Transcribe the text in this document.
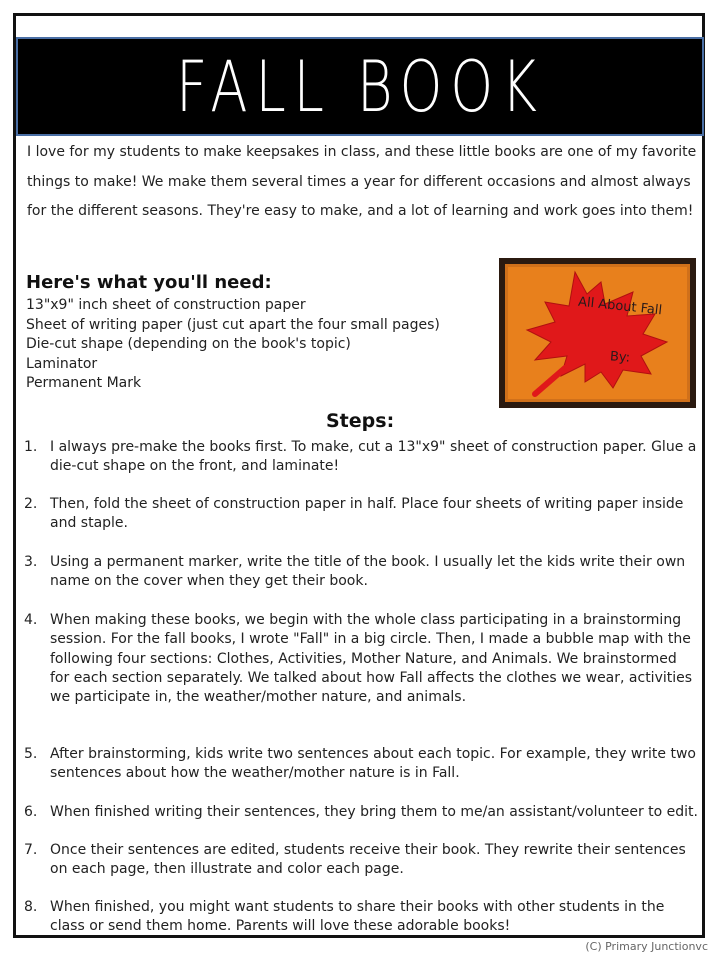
FALL BOOK
I love for my students to make keepsakes in class, and these little books are one of my favorite things to make! We make them several times a year for different occasions and almost always for the different seasons. They're easy to make, and a lot of learning and work goes into them!
Here's what you'll need:
13"x9" inch sheet of construction paper
Sheet of writing paper (just cut apart the four small pages)
Die-cut shape (depending on the book's topic)
Laminator
Permanent Mark
All About Fall
By:
Steps:
1. I always pre-make the books first. To make, cut a 13"x9" sheet of construction paper. Glue a die-cut shape on the front, and laminate!
2. Then, fold the sheet of construction paper in half. Place four sheets of writing paper inside and staple.
3. Using a permanent marker, write the title of the book. I usually let the kids write their own name on the cover when they get their book.
4. When making these books, we begin with the whole class participating in a brainstorming session. For the fall books, I wrote "Fall" in a big circle. Then, I made a bubble map with the following four sections: Clothes, Activities, Mother Nature, and Animals. We brainstormed for each section separately. We talked about how Fall affects the clothes we wear, activities we participate in, the weather/mother nature, and animals.
5. After brainstorming, kids write two sentences about each topic. For example, they write two sentences about how the weather/mother nature is in Fall.
6. When finished writing their sentences, they bring them to me/an assistant/volunteer to edit.
7. Once their sentences are edited, students receive their book. They rewrite their sentences on each page, then illustrate and color each page.
8. When finished, you might want students to share their books with other students in the class or send them home. Parents will love these adorable books!
(C) Primary Junctionvc
